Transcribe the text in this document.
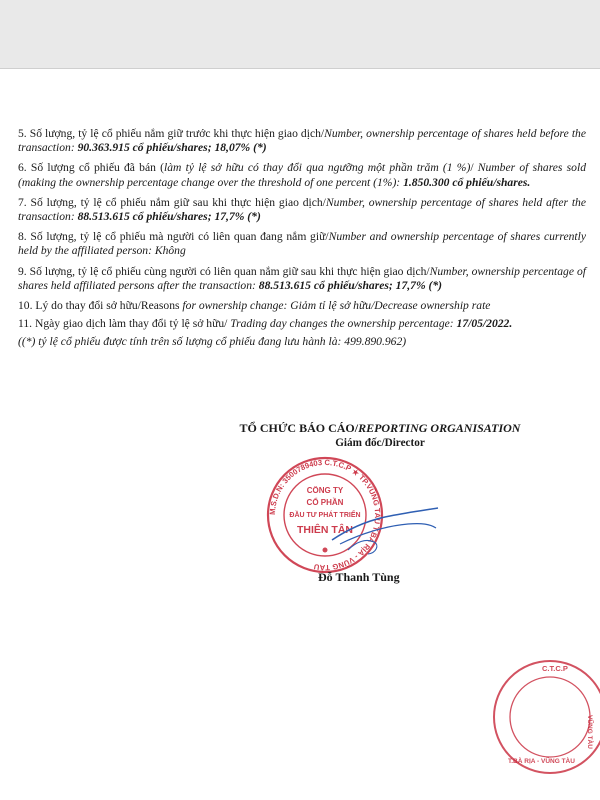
5. Số lượng, tỷ lệ cổ phiếu nắm giữ trước khi thực hiện giao dịch/Number, ownership percentage of shares held before the transaction: 90.363.915 cổ phiếu/shares; 18,07% (*)

6. Số lượng cổ phiếu đã bán (làm tỷ lệ sở hữu có thay đổi qua ngưỡng một phần trăm (1 %)/ Number of shares sold (making the ownership percentage change over the threshold of one percent (1%): 1.850.300 cổ phiếu/shares.

7. Số lượng, tỷ lệ cổ phiếu nắm giữ sau khi thực hiện giao dịch/Number, ownership percentage of shares held after the transaction: 88.513.615 cổ phiếu/shares; 17,7% (*)

8. Số lượng, tỷ lệ cổ phiếu mà người có liên quan đang nắm giữ/Number and ownership percentage of shares currently held by the affiliated person: Không

9. Số lượng, tỷ lệ cổ phiếu cùng người có liên quan nắm giữ sau khi thực hiện giao dịch/Number, ownership percentage of shares held affiliated persons after the transaction: 88.513.615 cổ phiếu/shares; 17,7% (*)

10. Lý do thay đổi sở hữu/Reasons for ownership change: Giảm tỉ lệ sở hữu/Decrease ownership rate

11. Ngày giao dịch làm thay đổi tỷ lệ sở hữu/ Trading day changes the ownership percentage: 17/05/2022.

((*) tỷ lệ cổ phiếu được tính trên số lượng cổ phiếu đang lưu hành là: 499.890.962)

TỔ CHỨC BÁO CÁO/REPORTING ORGANISATION
Giám đốc/Director
M.S.D.N: 3500789403 C.T.C.P ★ TP.VŨNG TÀU T.BÀ RỊA - VŨNG TÀU
CÔNG TY
CỔ PHẦN
ĐẦU TƯ PHÁT TRIỂN
THIÊN TÂN
Đỗ Thanh Tùng
C.T.C.P
T.BÀ RỊA - VŨNG TÀU
VŨNG TÀU
